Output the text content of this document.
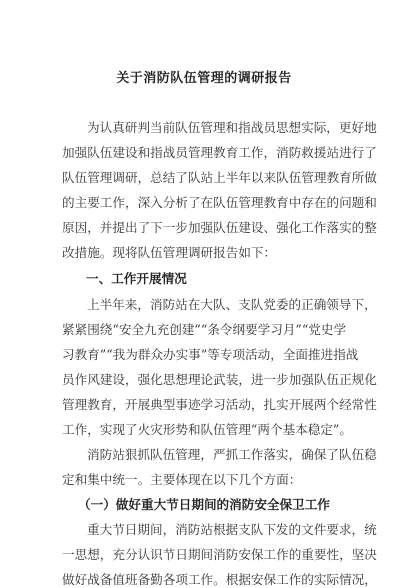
关于消防队伍管理的调研报告
为认真研判当前队伍管理和指战员思想实际，更好地
加强队伍建设和指战员管理教育工作，消防救援站进行了
队伍管理调研，总结了队站上半年以来队伍管理教育所做
的主要工作，深入分析了在队伍管理教育中存在的问题和
原因，并提出了下一步加强队伍建设、强化工作落实的整
改措施。现将队伍管理调研报告如下：
一、工作开展情况
上半年来，消防站在大队、支队党委的正确领导下，
紧紧围绕“安全九充创建”“条令纲要学习月”“党史学
习教育”“我为群众办实事”等专项活动，全面推进指战
员作风建设，强化思想理论武装，进一步加强队伍正规化
管理教育，开展典型事迹学习活动，扎实开展两个经常性
工作，实现了火灾形势和队伍管理“两个基本稳定”。
消防站狠抓队伍管理，严抓工作落实，确保了队伍稳
定和集中统一。主要体现在以下几个方面：
（一）做好重大节日期间的消防安全保卫工作
重大节日期间，消防站根据支队下发的文件要求，统
一思想，充分认识节日期间消防安保工作的重要性，坚决
做好战备值班备勤各项工作。根据安保工作的实际情况，
